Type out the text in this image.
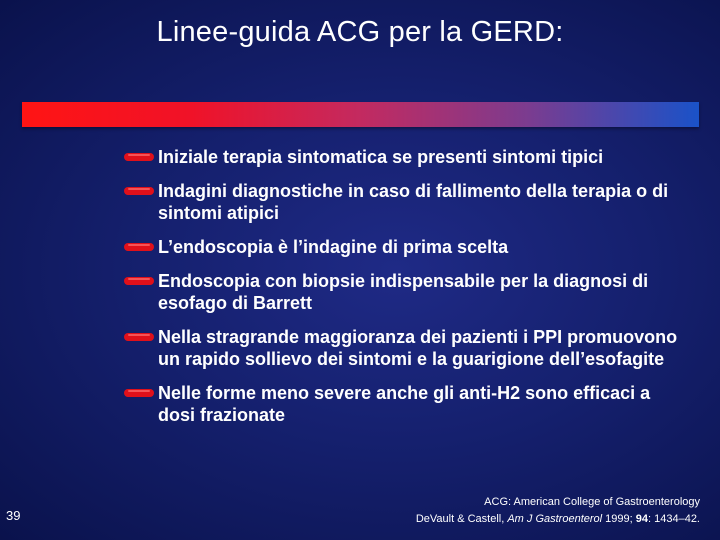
Linee-guida ACG per la GERD:
Iniziale terapia sintomatica se presenti sintomi tipici
Indagini diagnostiche in caso di fallimento della terapia o di sintomi atipici
L’endoscopia è l’indagine di prima scelta
Endoscopia con biopsie indispensabile per la diagnosi di esofago di Barrett
Nella stragrande maggioranza dei pazienti i PPI promuovono un rapido sollievo dei sintomi e la guarigione dell’esofagite
Nelle forme meno severe anche gli anti-H2 sono efficaci a dosi frazionate
39
ACG: American College of Gastroenterology
DeVault & Castell, Am J Gastroenterol 1999; 94: 1434–42.
